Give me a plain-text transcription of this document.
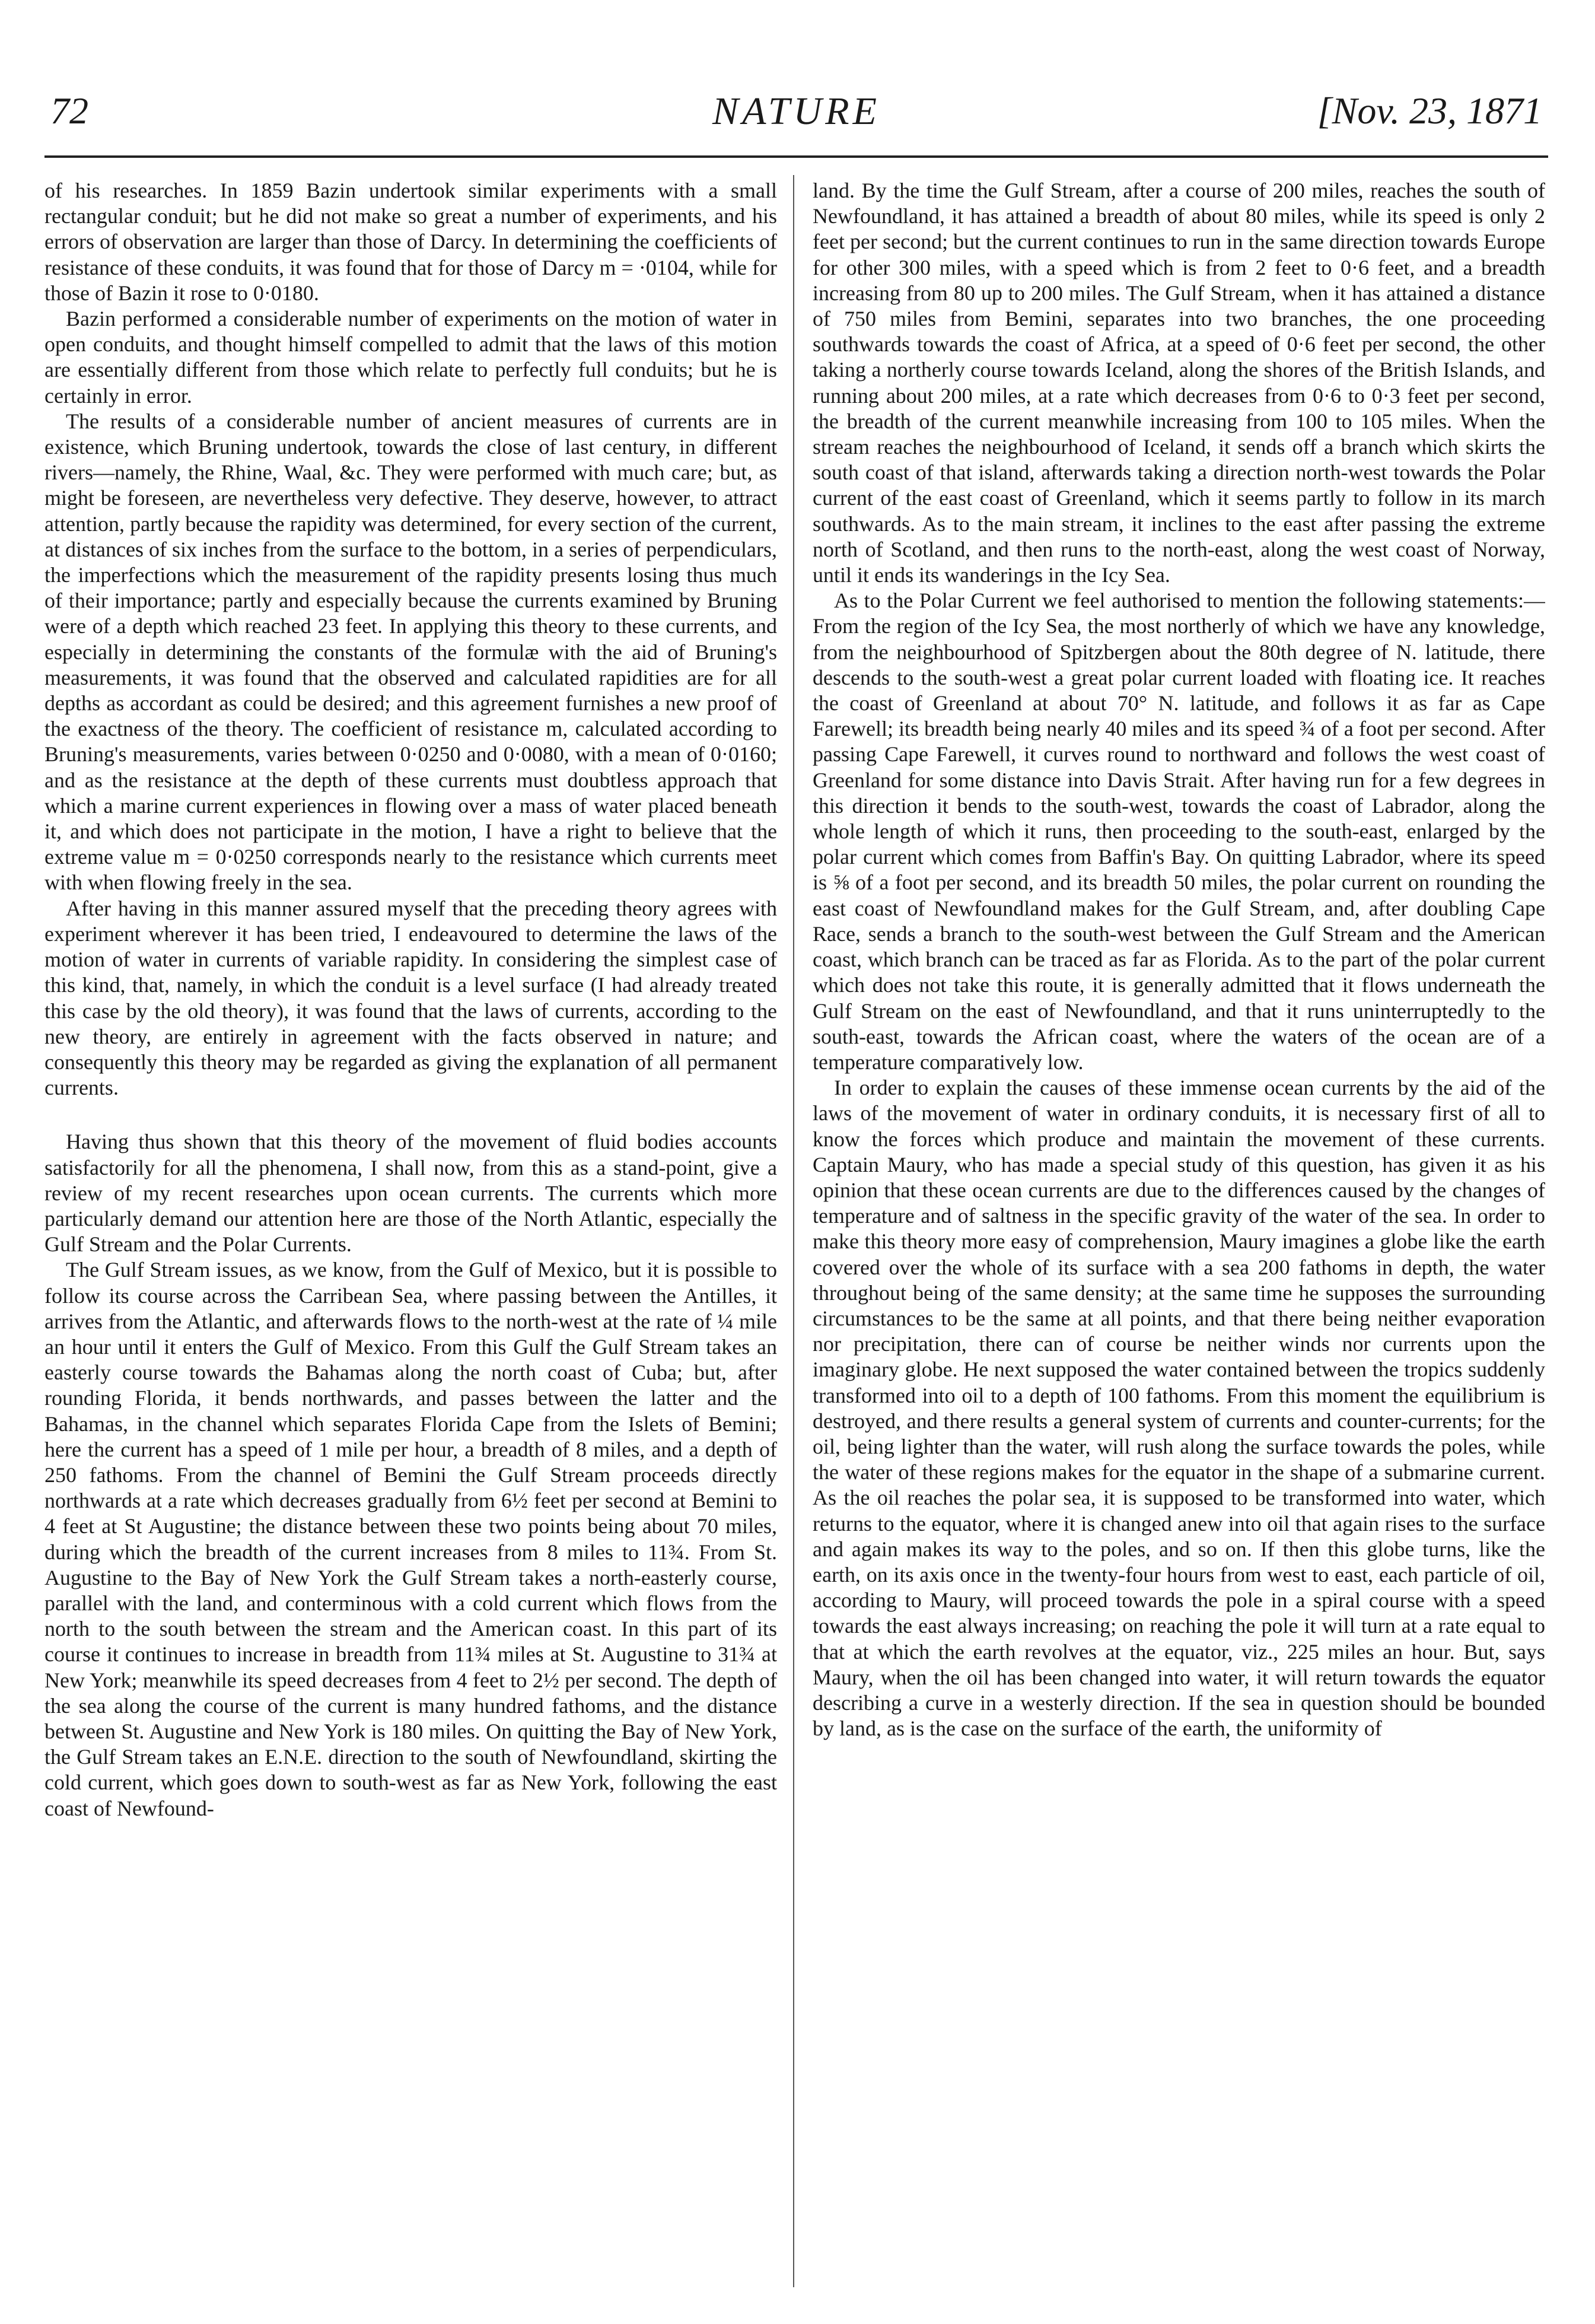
72	NATURE	[Nov. 23, 1871

of his researches. In 1859 Bazin undertook similar experiments with a small rectangular conduit; but he did not make so great a number of experiments, and his errors of observation are larger than those of Darcy. In determining the coefficients of resistance of these conduits, it was found that for those of Darcy m = ·0104, while for those of Bazin it rose to 0·0180.

Bazin performed a considerable number of experiments on the motion of water in open conduits, and thought himself compelled to admit that the laws of this motion are essentially different from those which relate to perfectly full conduits; but he is certainly in error.

The results of a considerable number of ancient measures of currents are in existence, which Bruning undertook, towards the close of last century, in different rivers—namely, the Rhine, Waal, &c. They were performed with much care; but, as might be foreseen, are nevertheless very defective. They deserve, however, to attract attention, partly because the rapidity was determined, for every section of the current, at distances of six inches from the surface to the bottom, in a series of perpendiculars, the imperfections which the measurement of the rapidity presents losing thus much of their importance; partly and especially because the currents examined by Bruning were of a depth which reached 23 feet. In applying this theory to these currents, and especially in determining the constants of the formulæ with the aid of Bruning's measurements, it was found that the observed and calculated rapidities are for all depths as accordant as could be desired; and this agreement furnishes a new proof of the exactness of the theory. The coefficient of resistance m, calculated according to Bruning's measurements, varies between 0·0250 and 0·0080, with a mean of 0·0160; and as the resistance at the depth of these currents must doubtless approach that which a marine current experiences in flowing over a mass of water placed beneath it, and which does not participate in the motion, I have a right to believe that the extreme value m = 0·0250 corresponds nearly to the resistance which currents meet with when flowing freely in the sea.

After having in this manner assured myself that the preceding theory agrees with experiment wherever it has been tried, I endeavoured to determine the laws of the motion of water in currents of variable rapidity. In considering the simplest case of this kind, that, namely, in which the conduit is a level surface (I had already treated this case by the old theory), it was found that the laws of currents, according to the new theory, are entirely in agreement with the facts observed in nature; and consequently this theory may be regarded as giving the explanation of all permanent currents.

Having thus shown that this theory of the movement of fluid bodies accounts satisfactorily for all the phenomena, I shall now, from this as a stand-point, give a review of my recent researches upon ocean currents. The currents which more particularly demand our attention here are those of the North Atlantic, especially the Gulf Stream and the Polar Currents.

The Gulf Stream issues, as we know, from the Gulf of Mexico, but it is possible to follow its course across the Carribean Sea, where passing between the Antilles, it arrives from the Atlantic, and afterwards flows to the north-west at the rate of ¼ mile an hour until it enters the Gulf of Mexico. From this Gulf the Gulf Stream takes an easterly course towards the Bahamas along the north coast of Cuba; but, after rounding Florida, it bends northwards, and passes between the latter and the Bahamas, in the channel which separates Florida Cape from the Islets of Bemini; here the current has a speed of 1 mile per hour, a breadth of 8 miles, and a depth of 250 fathoms. From the channel of Bemini the Gulf Stream proceeds directly northwards at a rate which decreases gradually from 6½ feet per second at Bemini to 4 feet at St Augustine; the distance between these two points being about 70 miles, during which the breadth of the current increases from 8 miles to 11¾. From St. Augustine to the Bay of New York the Gulf Stream takes a north-easterly course, parallel with the land, and conterminous with a cold current which flows from the north to the south between the stream and the American coast. In this part of its course it continues to increase in breadth from 11¾ miles at St. Augustine to 31¾ at New York; meanwhile its speed decreases from 4 feet to 2½ per second. The depth of the sea along the course of the current is many hundred fathoms, and the distance between St. Augustine and New York is 180 miles. On quitting the Bay of New York, the Gulf Stream takes an E.N.E. direction to the south of Newfoundland, skirting the cold current, which goes down to south-west as far as New York, following the east coast of Newfound-

land. By the time the Gulf Stream, after a course of 200 miles, reaches the south of Newfoundland, it has attained a breadth of about 80 miles, while its speed is only 2 feet per second; but the current continues to run in the same direction towards Europe for other 300 miles, with a speed which is from 2 feet to 0·6 feet, and a breadth increasing from 80 up to 200 miles. The Gulf Stream, when it has attained a distance of 750 miles from Bemini, separates into two branches, the one proceeding southwards towards the coast of Africa, at a speed of 0·6 feet per second, the other taking a northerly course towards Iceland, along the shores of the British Islands, and running about 200 miles, at a rate which decreases from 0·6 to 0·3 feet per second, the breadth of the current meanwhile increasing from 100 to 105 miles. When the stream reaches the neighbourhood of Iceland, it sends off a branch which skirts the south coast of that island, afterwards taking a direction north-west towards the Polar current of the east coast of Greenland, which it seems partly to follow in its march southwards. As to the main stream, it inclines to the east after passing the extreme north of Scotland, and then runs to the north-east, along the west coast of Norway, until it ends its wanderings in the Icy Sea.

As to the Polar Current we feel authorised to mention the following statements:—From the region of the Icy Sea, the most northerly of which we have any knowledge, from the neighbourhood of Spitzbergen about the 80th degree of N. latitude, there descends to the south-west a great polar current loaded with floating ice. It reaches the coast of Greenland at about 70° N. latitude, and follows it as far as Cape Farewell; its breadth being nearly 40 miles and its speed ¾ of a foot per second. After passing Cape Farewell, it curves round to northward and follows the west coast of Greenland for some distance into Davis Strait. After having run for a few degrees in this direction it bends to the south-west, towards the coast of Labrador, along the whole length of which it runs, then proceeding to the south-east, enlarged by the polar current which comes from Baffin's Bay. On quitting Labrador, where its speed is ⅝ of a foot per second, and its breadth 50 miles, the polar current on rounding the east coast of Newfoundland makes for the Gulf Stream, and, after doubling Cape Race, sends a branch to the south-west between the Gulf Stream and the American coast, which branch can be traced as far as Florida. As to the part of the polar current which does not take this route, it is generally admitted that it flows underneath the Gulf Stream on the east of Newfoundland, and that it runs uninterruptedly to the south-east, towards the African coast, where the waters of the ocean are of a temperature comparatively low.

In order to explain the causes of these immense ocean currents by the aid of the laws of the movement of water in ordinary conduits, it is necessary first of all to know the forces which produce and maintain the movement of these currents. Captain Maury, who has made a special study of this question, has given it as his opinion that these ocean currents are due to the differences caused by the changes of temperature and of saltness in the specific gravity of the water of the sea. In order to make this theory more easy of comprehension, Maury imagines a globe like the earth covered over the whole of its surface with a sea 200 fathoms in depth, the water throughout being of the same density; at the same time he supposes the surrounding circumstances to be the same at all points, and that there being neither evaporation nor precipitation, there can of course be neither winds nor currents upon the imaginary globe. He next supposed the water contained between the tropics suddenly transformed into oil to a depth of 100 fathoms. From this moment the equilibrium is destroyed, and there results a general system of currents and counter-currents; for the oil, being lighter than the water, will rush along the surface towards the poles, while the water of these regions makes for the equator in the shape of a submarine current. As the oil reaches the polar sea, it is supposed to be transformed into water, which returns to the equator, where it is changed anew into oil that again rises to the surface and again makes its way to the poles, and so on. If then this globe turns, like the earth, on its axis once in the twenty-four hours from west to east, each particle of oil, according to Maury, will proceed towards the pole in a spiral course with a speed towards the east always increasing; on reaching the pole it will turn at a rate equal to that at which the earth revolves at the equator, viz., 225 miles an hour. But, says Maury, when the oil has been changed into water, it will return towards the equator describing a curve in a westerly direction. If the sea in question should be bounded by land, as is the case on the surface of the earth, the uniformity of
